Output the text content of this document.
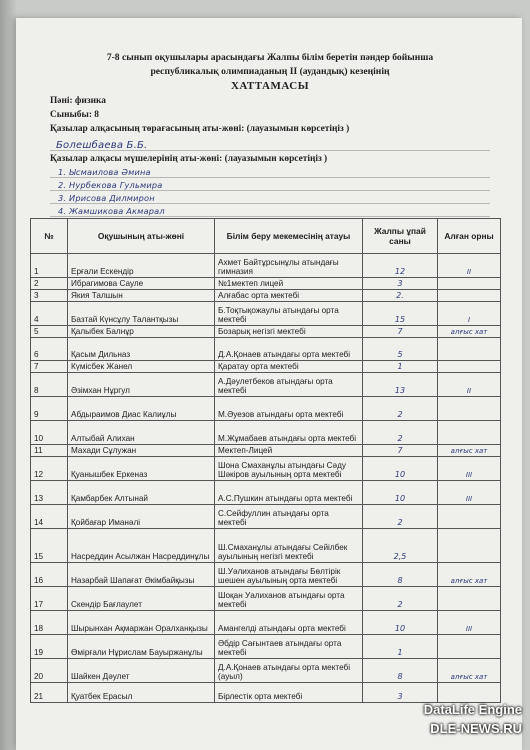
7-8 сынып оқушылары арасындағы Жалпы білім беретін пәндер бойынша
республикалық олимпиаданың II (аудандық) кезеңінің
ХАТТАМАСЫ
Пәні: физика
Сыныбы: 8
Қазылар алқасының төрағасының аты-жөні: (лауазымын көрсетіңіз )
Болешбаева Б.Б.
Қазылар алқасы мүшелерінің аты-жөні: (лауазымын көрсетіңіз )
1. Ысмаилова Әмина
2. Нурбекова Гульмира
3. Ирисова Дилмирон
4. Жамшикова Акмарал
№	Оқушының аты-жөні	Білім беру мекемесінің атауы	Жалпы ұпай саны	Алған орны
1	Ерғали Ескендір	Ахмет Байтұрсынұлы атындағы гимназия	12	II
2	Ибрагимова Сауле	№1мектеп лицей	3	
3	Якия Талшын	Алғабас орта мектебі	2.	
4	Базтай Күнсұлу Талантқызы	Б.Тоқтықожаулы атындағы орта мектебі	15	I
5	Қалыбек Балнұр	Бозарық негізгі мектебі	7	алғыс хат
6	Қасым Дильназ	Д.А.Қонаев атындағы орта мектебі	5	
7	Күмісбек Жанел	Қаратау орта мектебі	1	
8	Әзімхан Нұргул	А.Дәулетбеков атындағы орта мектебі	13	II
9	Абдыраимов Диас Калиұлы	М.Әуезов атындағы орта мектебі	2	
10	Алтыбай Алихан	М.Жұмабаев атындағы орта мектебі	2	
11	Махади Сұлужан	Мектеп-Лицей	7	алғыс хат
12	Қуанышбек Еркеназ	Шона Смаханұлы атындағы Сәду Шәкіров ауылының орта мектебі	10	III
13	Қамбарбек Алтынай	А.С.Пушкин атындағы орта мектебі	10	III
14	Қойбағар Иманәлі	С.Сейфуллин атындағы орта мектебі	2	
15	Насреддин Асылжан Насреддинұлы	Ш.Смаханұлы атындағы Сейілбек ауылының негізгі мектебі	2,5	
16	Назарбай Шапағат Әкімбайқызы	Ш.Уәлиханов атындағы Бөлтірік шешен ауылының орта мектебі	8	алғыс хат
17	Скендір Бағлаулет	Шоқан Уалиханов атындағы орта мектебі	2	
18	Шырынхан Ақмаржан Оралханқызы	Амангелді атындағы орта мектебі	10	III
19	Өмірғали Нұрислам Бауыржанұлы	Әбдір Сағынтаев атындағы орта мектебі	1	
20	Шайкен Дәулет	Д.А.Қонаев атындағы орта мектебі (ауыл)	8	алғыс хат
21	Қуатбек Ерасыл	Бірлестік орта мектебі	3	
DataLife Engine
DLE-NEWS.RU
